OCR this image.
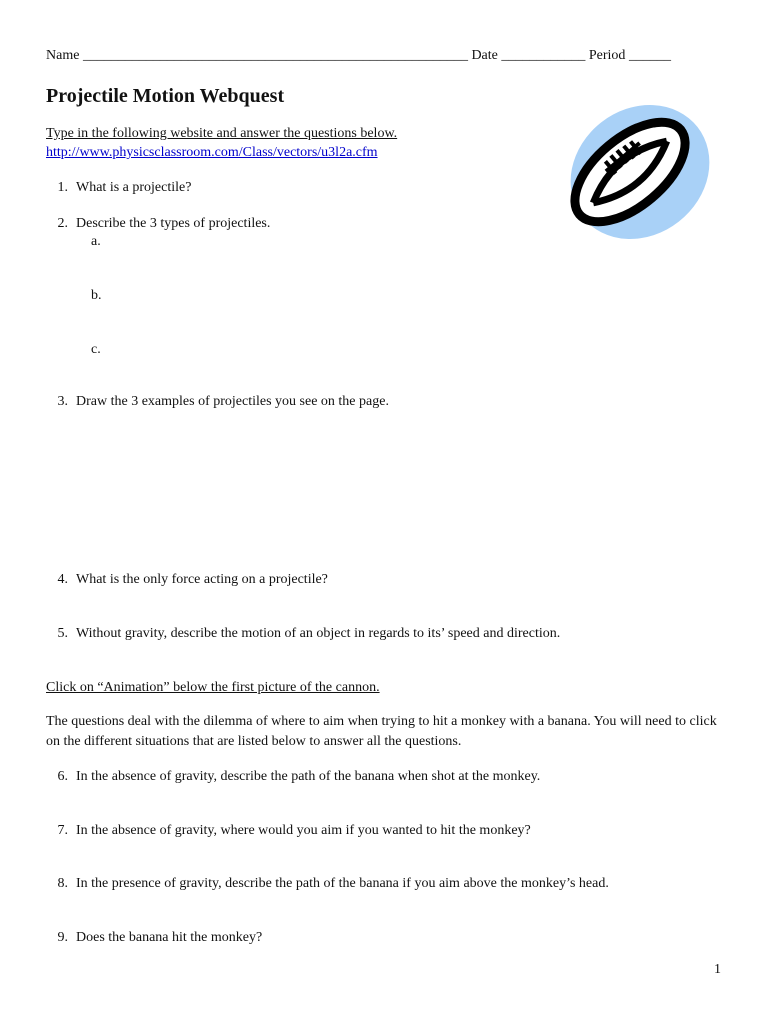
Name _______________________________________________________ Date ____________ Period ______
Projectile Motion Webquest
Type in the following website and answer the questions below.
http://www.physicsclassroom.com/Class/vectors/u3l2a.cfm
1. What is a projectile?
2. Describe the 3 types of projectiles.
a.
b.
c.
3. Draw the 3 examples of projectiles you see on the page.
4. What is the only force acting on a projectile?
5. Without gravity, describe the motion of an object in regards to its’ speed and direction.
Click on “Animation” below the first picture of the cannon.
The questions deal with the dilemma of where to aim when trying to hit a monkey with a banana. You will need to click on the different situations that are listed below to answer all the questions.
6. In the absence of gravity, describe the path of the banana when shot at the monkey.
7. In the absence of gravity, where would you aim if you wanted to hit the monkey?
8. In the presence of gravity, describe the path of the banana if you aim above the monkey’s head.
9. Does the banana hit the monkey?
1
